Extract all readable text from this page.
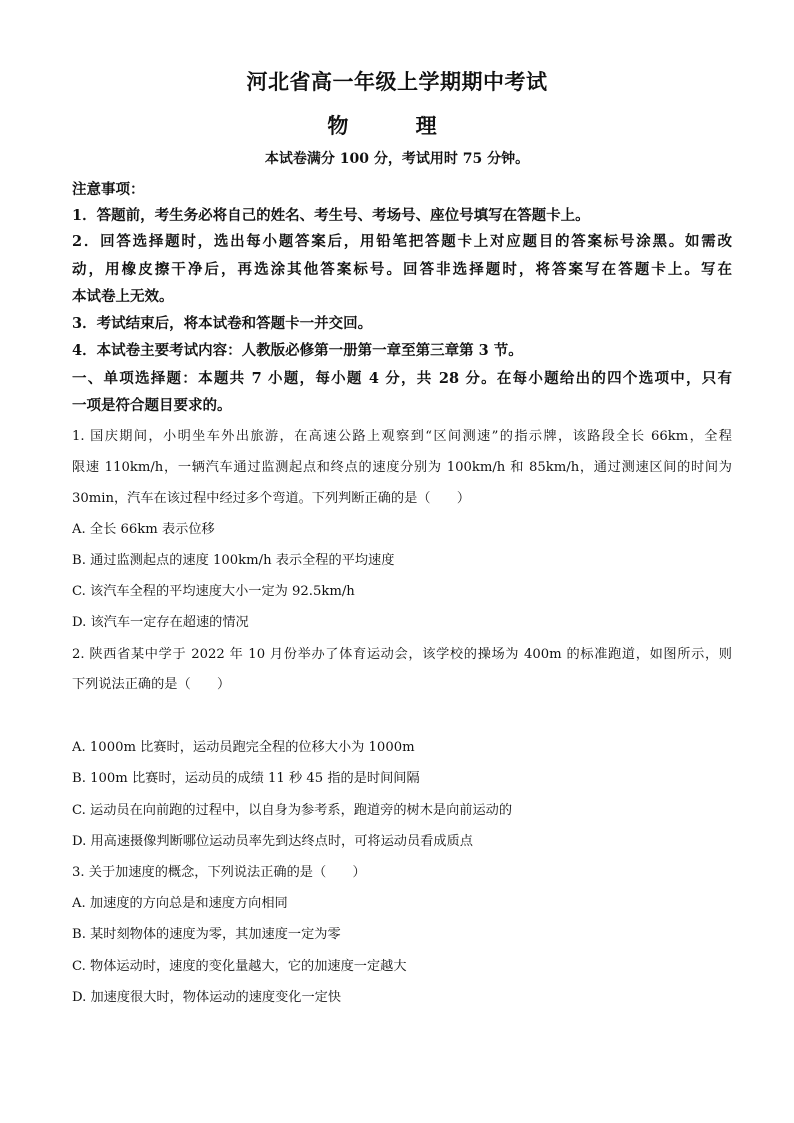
河北省高一年级上学期期中考试
物 理
本试卷满分 100 分，考试用时 75 分钟。
注意事项：
1．答题前，考生务必将自己的姓名、考生号、考场号、座位号填写在答题卡上。
2．回答选择题时，选出每小题答案后，用铅笔把答题卡上对应题目的答案标号涂黑。如需改
动，用橡皮擦干净后，再选涂其他答案标号。回答非选择题时，将答案写在答题卡上。写在
本试卷上无效。
3．考试结束后，将本试卷和答题卡一并交回。
4．本试卷主要考试内容：人教版必修第一册第一章至第三章第 3 节。
一、单项选择题：本题共 7 小题，每小题 4 分，共 28 分。在每小题给出的四个选项中，只有
一项是符合题目要求的。
1. 国庆期间，小明坐车外出旅游，在高速公路上观察到“区间测速”的指示牌，该路段全长 66km，全程
限速 110km/h，一辆汽车通过监测起点和终点的速度分别为 100km/h 和 85km/h，通过测速区间的时间为
30min，汽车在该过程中经过多个弯道。下列判断正确的是（　　）
A. 全长 66km 表示位移
B. 通过监测起点的速度 100km/h 表示全程的平均速度
C. 该汽车全程的平均速度大小一定为 92.5km/h
D. 该汽车一定存在超速的情况
2. 陕西省某中学于 2022 年 10 月份举办了体育运动会，该学校的操场为 400m 的标准跑道，如图所示，则
下列说法正确的是（　　）
A. 1000m 比赛时，运动员跑完全程的位移大小为 1000m
B. 100m 比赛时，运动员的成绩 11 秒 45 指的是时间间隔
C. 运动员在向前跑的过程中，以自身为参考系，跑道旁的树木是向前运动的
D. 用高速摄像判断哪位运动员率先到达终点时，可将运动员看成质点
3. 关于加速度的概念，下列说法正确的是（　　）
A. 加速度的方向总是和速度方向相同
B. 某时刻物体的速度为零，其加速度一定为零
C. 物体运动时，速度的变化量越大，它的加速度一定越大
D. 加速度很大时，物体运动的速度变化一定快
